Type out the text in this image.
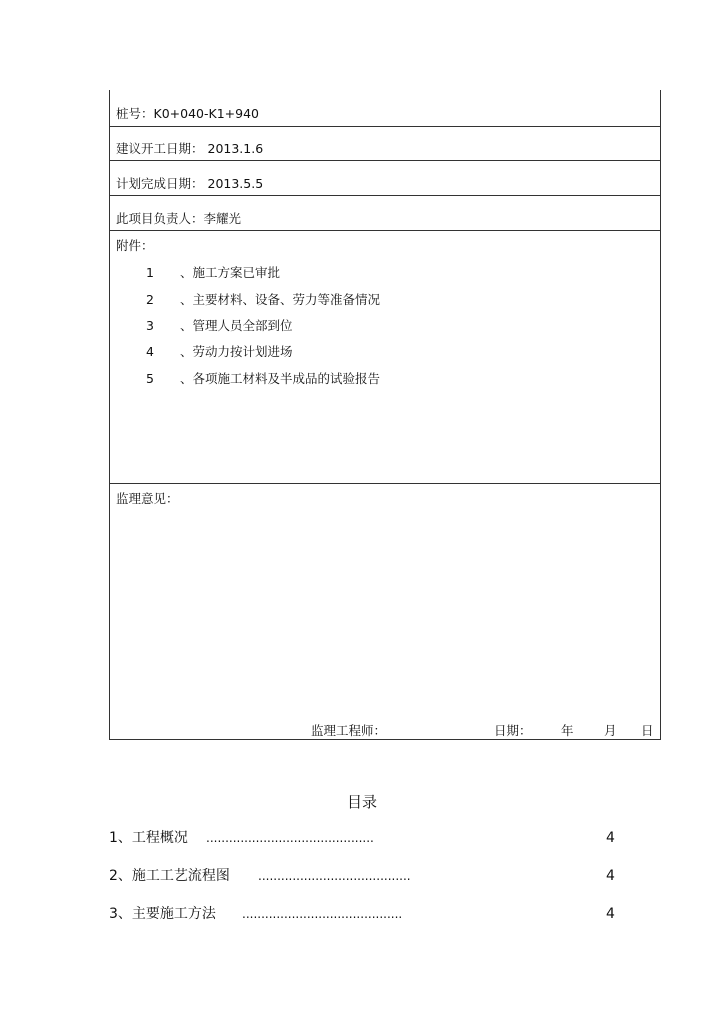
桩号：K0+040-K1+940
建议开工日期： 2013.1.6
计划完成日期： 2013.5.5
此项目负责人：李耀光
附件：
1 、施工方案已审批
2 、主要材料、设备、劳力等准备情况
3 、管理人员全部到位
4 、劳动力按计划进场
5 、各项施工材料及半成品的试验报告
监理意见：
监理工程师：	日期： 年 月 日
目录
1、工程概况 ............................................	4
2、施工工艺流程图 ........................................	4
3、主要施工方法 ..........................................	4
